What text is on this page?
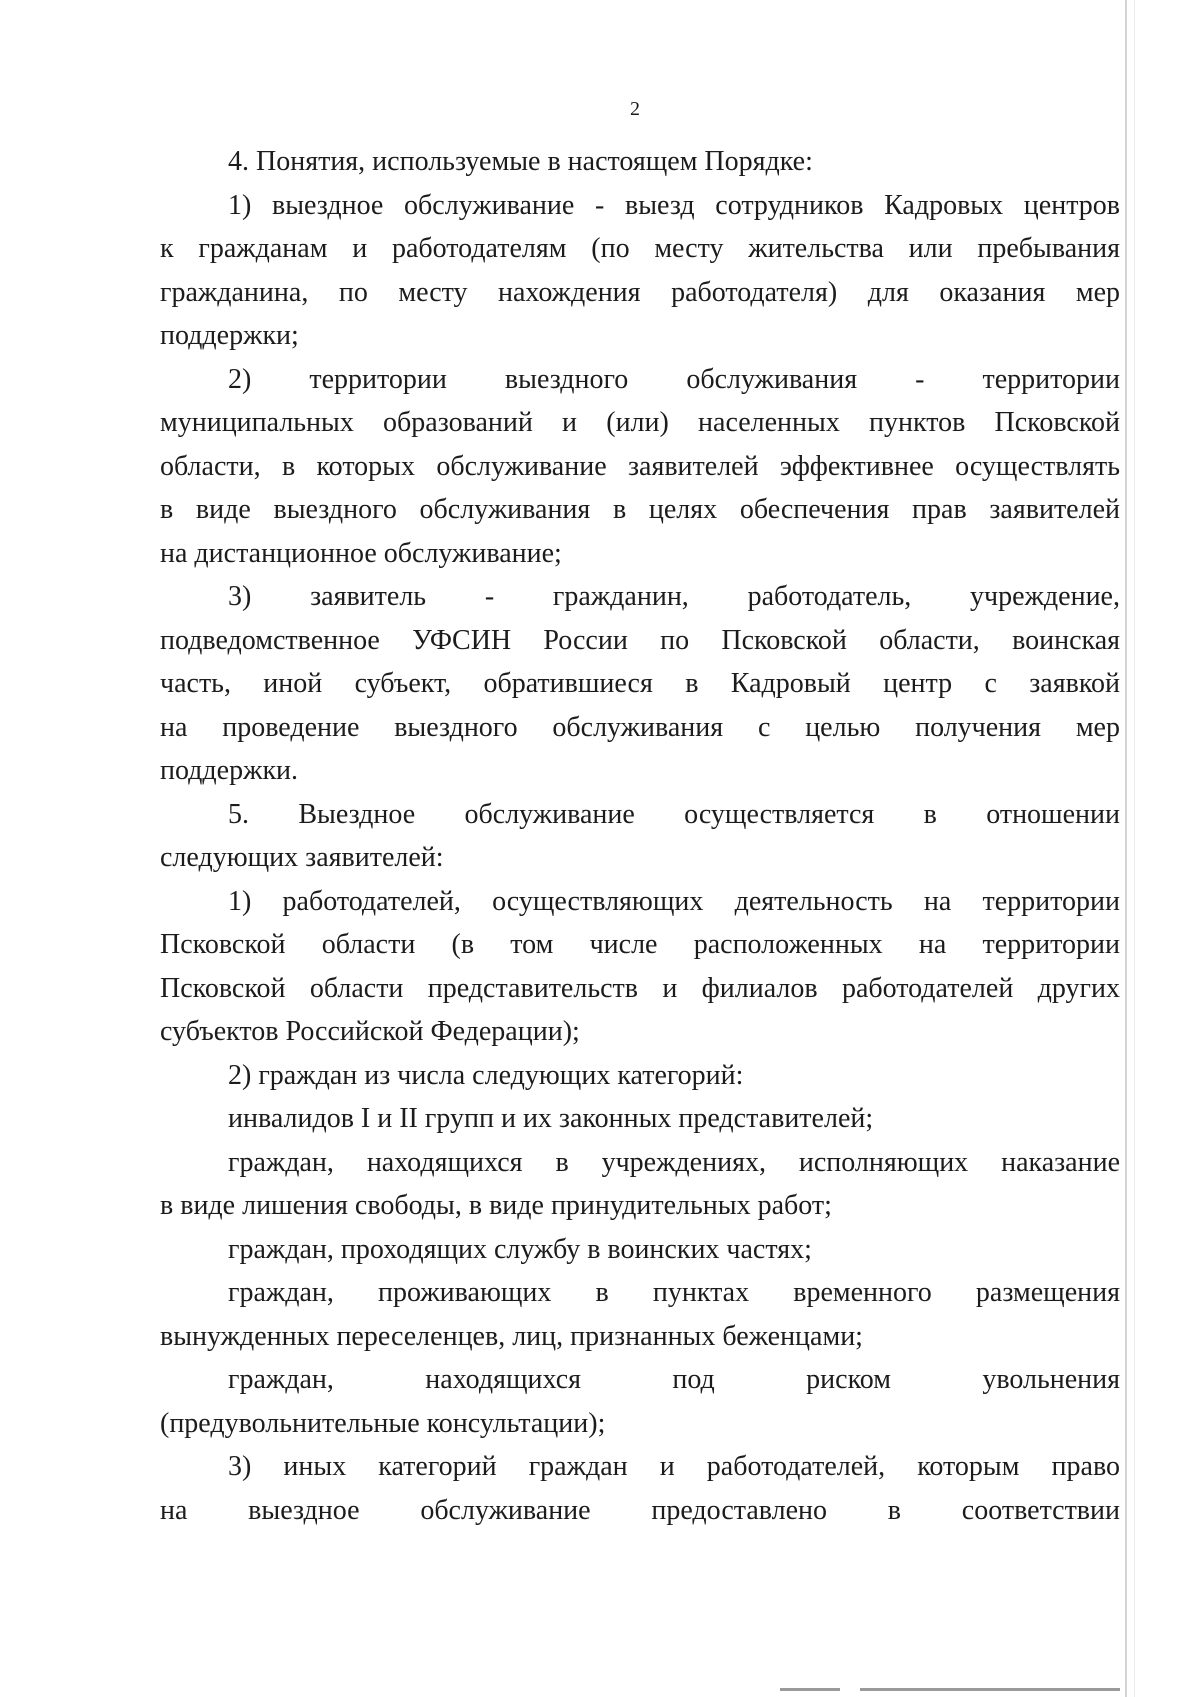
2
4. Понятия, используемые в настоящем Порядке:
1) выездное обслуживание - выезд сотрудников Кадровых центров
к гражданам и работодателям (по месту жительства или пребывания
гражданина, по месту нахождения работодателя) для оказания мер
поддержки;
2) территории выездного обслуживания - территории
муниципальных образований и (или) населенных пунктов Псковской
области, в которых обслуживание заявителей эффективнее осуществлять
в виде выездного обслуживания в целях обеспечения прав заявителей
на дистанционное обслуживание;
3) заявитель - гражданин, работодатель, учреждение,
подведомственное УФСИН России по Псковской области, воинская
часть, иной субъект, обратившиеся в Кадровый центр с заявкой
на проведение выездного обслуживания с целью получения мер
поддержки.
5. Выездное обслуживание осуществляется в отношении
следующих заявителей:
1) работодателей, осуществляющих деятельность на территории
Псковской области (в том числе расположенных на территории
Псковской области представительств и филиалов работодателей других
субъектов Российской Федерации);
2) граждан из числа следующих категорий:
инвалидов I и II групп и их законных представителей;
граждан, находящихся в учреждениях, исполняющих наказание
в виде лишения свободы, в виде принудительных работ;
граждан, проходящих службу в воинских частях;
граждан, проживающих в пунктах временного размещения
вынужденных переселенцев, лиц, признанных беженцами;
граждан, находящихся под риском увольнения
(предувольнительные консультации);
3) иных категорий граждан и работодателей, которым право
на выездное обслуживание предоставлено в соответствии
